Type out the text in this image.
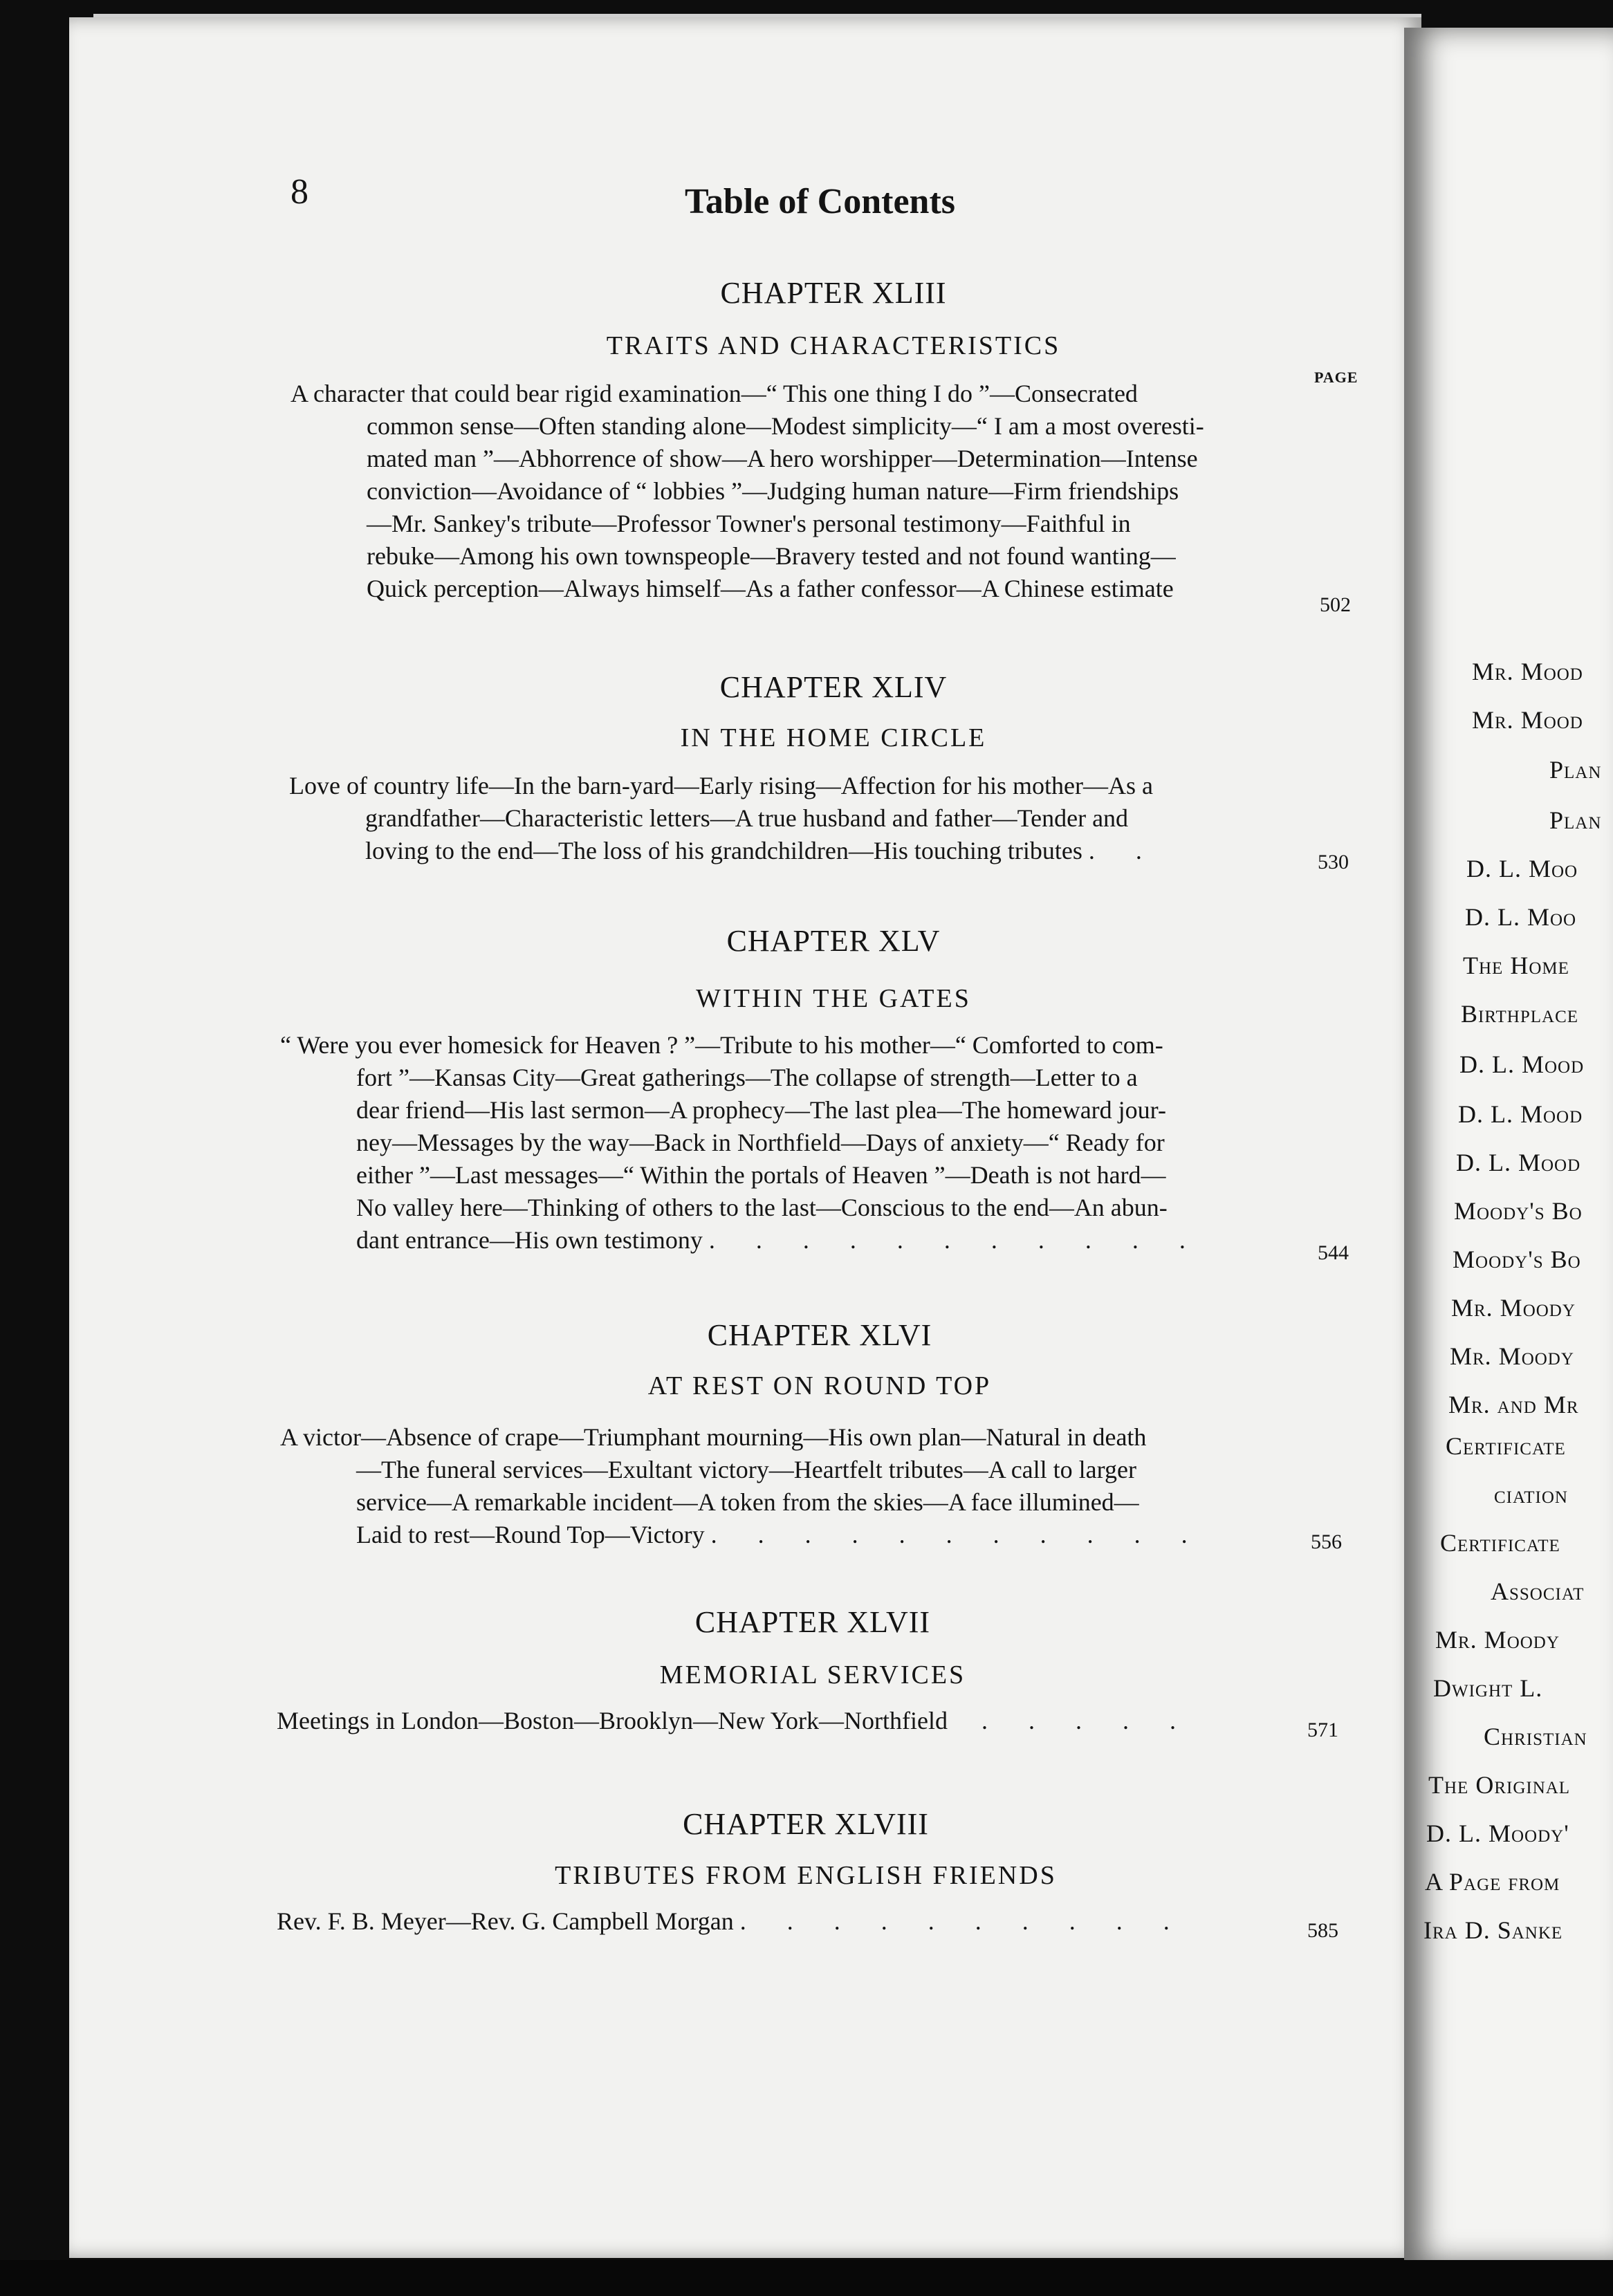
8	Table of Contents
PAGE
CHAPTER XLIII
TRAITS AND CHARACTERISTICS
A character that could bear rigid examination—“ This one thing I do ”—Consecrated
common sense—Often standing alone—Modest simplicity—“ I am a most overesti-
mated man ”—Abhorrence of show—A hero worshipper—Determination—Intense
conviction—Avoidance of “ lobbies ”—Judging human nature—Firm friendships
—Mr. Sankey's tribute—Professor Towner's personal testimony—Faithful in
rebuke—Among his own townspeople—Bravery tested and not found wanting—
Quick perception—Always himself—As a father confessor—A Chinese estimate
502
CHAPTER XLIV
IN THE HOME CIRCLE
Love of country life—In the barn-yard—Early rising—Affection for his mother—As a
grandfather—Characteristic letters—A true husband and father—Tender and
loving to the end—The loss of his grandchildren—His touching tributes . .	530
CHAPTER XLV
WITHIN THE GATES
“ Were you ever homesick for Heaven ? ”—Tribute to his mother—“ Comforted to com-
fort ”—Kansas City—Great gatherings—The collapse of strength—Letter to a
dear friend—His last sermon—A prophecy—The last plea—The homeward jour-
ney—Messages by the way—Back in Northfield—Days of anxiety—“ Ready for
either ”—Last messages—“ Within the portals of Heaven ”—Death is not hard—
No valley here—Thinking of others to the last—Conscious to the end—An abun-
dant entrance—His own testimony . . . . . . . . . . .	544
CHAPTER XLVI
AT REST ON ROUND TOP
A victor—Absence of crape—Triumphant mourning—His own plan—Natural in death
—The funeral services—Exultant victory—Heartfelt tributes—A call to larger
service—A remarkable incident—A token from the skies—A face illumined—
Laid to rest—Round Top—Victory . . . . . . . . . . .	556
CHAPTER XLVII
MEMORIAL SERVICES
Meetings in London—Boston—Brooklyn—New York—Northfield . . . . .	571
CHAPTER XLVIII
TRIBUTES FROM ENGLISH FRIENDS
Rev. F. B. Meyer—Rev. G. Campbell Morgan . . . . . . . . . .	585
Mr. Mood
Mr. Mood
Plan
Plan
D. L. Moo
D. L. Moo
The Home
Birthplace
D. L. Mood
D. L. Mood
D. L. Mood
Moody's Bo
Moody's Bo
Mr. Moody
Mr. Moody
Mr. and Mr
Certificate
ciation
Certificate
Associat
Mr. Moody
Dwight L.
Christian
The Original
D. L. Moody'
A Page from
Ira D. Sanke
